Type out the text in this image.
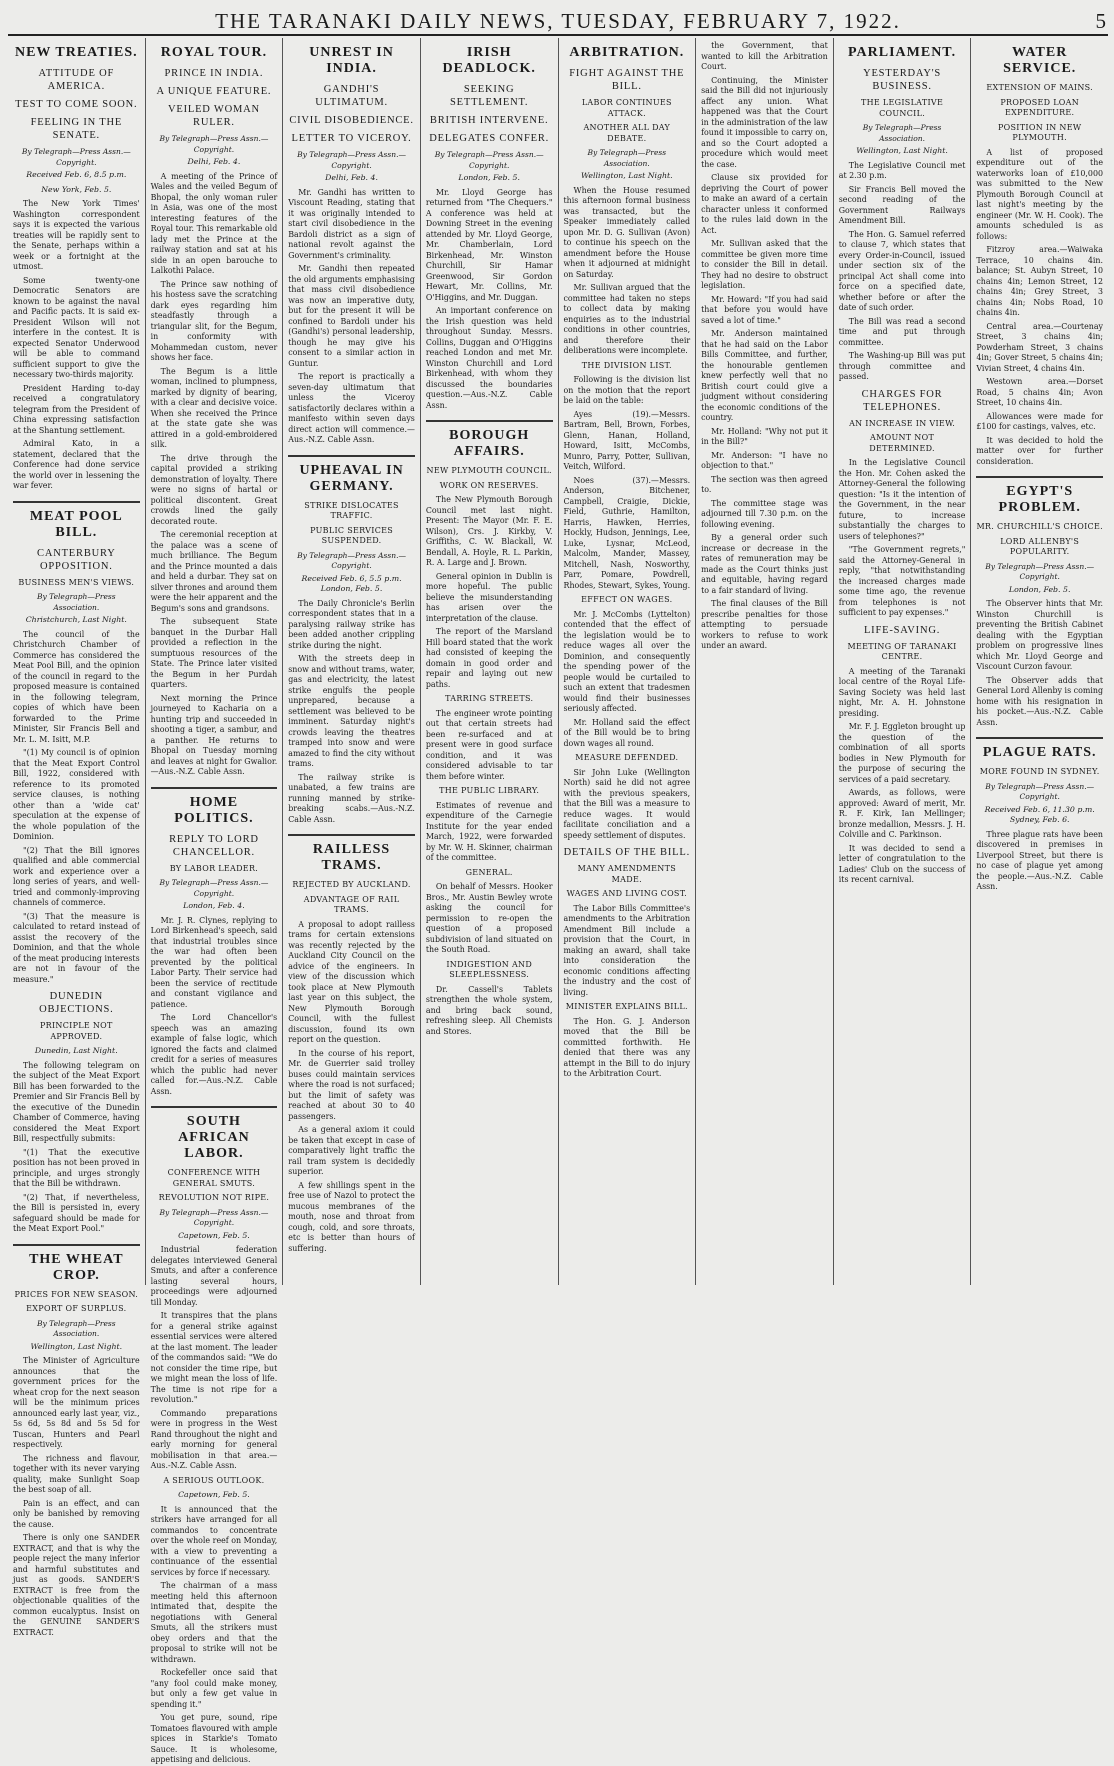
THE TARANAKI DAILY NEWS, TUESDAY, FEBRUARY 7, 1922.	5
NEW TREATIES.
ATTITUDE OF AMERICA.
TEST TO COME SOON.
FEELING IN THE SENATE.
By Telegraph—Press Assn.—Copyright.
Received Feb. 6, 8.5 p.m.
New York, Feb. 5.

The New York Times' Washington correspondent says it is expected the various treaties will be rapidly sent to the Senate, perhaps within a week or a fortnight at the utmost.

Some twenty-one Democratic Senators are known to be against the naval and Pacific pacts. It is said ex-President Wilson will not interfere in the contest. It is expected Senator Underwood will be able to command sufficient support to give the necessary two-thirds majority.

President Harding to-day received a congratulatory telegram from the President of China expressing satisfaction at the Shantung settlement.

Admiral Kato, in a statement, declared that the Conference had done service the world over in lessening the war fever.

MEAT POOL BILL.
CANTERBURY OPPOSITION.
BUSINESS MEN'S VIEWS.
By Telegraph—Press Association.
Christchurch, Last Night.

The council of the Christchurch Chamber of Commerce has considered the Meat Pool Bill, and the opinion of the council in regard to the proposed measure is contained in the following telegram, copies of which have been forwarded to the Prime Minister, Sir Francis Bell and Mr. L. M. Isitt, M.P.

"(1) My council is of opinion that the Meat Export Control Bill, 1922, considered with reference to its promoted service clauses, is nothing other than a 'wide cat' speculation at the expense of the whole population of the Dominion.

"(2) That the Bill ignores qualified and able commercial work and experience over a long series of years, and well-tried and commonly-improving channels of commerce.

"(3) That the measure is calculated to retard instead of assist the recovery of the Dominion, and that the whole of the meat producing interests are not in favour of the measure."

DUNEDIN OBJECTIONS.
PRINCIPLE NOT APPROVED.
Dunedin, Last Night.

The following telegram on the subject of the Meat Export Bill has been forwarded to the Premier and Sir Francis Bell by the executive of the Dunedin Chamber of Commerce, having considered the Meat Export Bill, respectfully submits:

"(1) That the executive position has not been proved in principle, and urges strongly that the Bill be withdrawn.

"(2) That, if nevertheless, the Bill is persisted in, every safeguard should be made for the Meat Export Pool."

THE WHEAT CROP.
PRICES FOR NEW SEASON.
EXPORT OF SURPLUS.
By Telegraph—Press Association.
Wellington, Last Night.

The Minister of Agriculture announces that the government prices for the wheat crop for the next season will be the minimum prices announced early last year, viz., 5s 6d, 5s 8d and 5s 5d for Tuscan, Hunters and Pearl respectively.

The richness and flavour, together with its never varying quality, make Sunlight Soap the best soap of all.

Pain is an effect, and can only be banished by removing the cause.

There is only one SANDER EXTRACT, and that is why the people reject the many inferior and harmful substitutes and just as goods. SANDER'S EXTRACT is free from the objectionable qualities of the common eucalyptus. Insist on the GENUINE SANDER'S EXTRACT.

ROYAL TOUR.
PRINCE IN INDIA.
A UNIQUE FEATURE.
VEILED WOMAN RULER.
By Telegraph—Press Assn.—Copyright.
Delhi, Feb. 4.

A meeting of the Prince of Wales and the veiled Begum of Bhopal, the only woman ruler in Asia, was one of the most interesting features of the Royal tour. This remarkable old lady met the Prince at the railway station and sat at his side in an open barouche to Lalkothi Palace.

The Prince saw nothing of his hostess save the scratching dark eyes regarding him steadfastly through a triangular slit, for the Begum, in conformity with Mohammedan custom, never shows her face.

The Begum is a little woman, inclined to plumpness, marked by dignity of bearing, with a clear and decisive voice. When she received the Prince at the state gate she was attired in a gold-embroidered silk.

The drive through the capital provided a striking demonstration of loyalty. There were no signs of hartal or political discontent. Great crowds lined the gaily decorated route.

The ceremonial reception at the palace was a scene of much brilliance. The Begum and the Prince mounted a dais and held a durbar. They sat on silver thrones and around them were the heir apparent and the Begum's sons and grandsons.

The subsequent State banquet in the Durbar Hall provided a reflection in the sumptuous resources of the State. The Prince later visited the Begum in her Purdah quarters.

Next morning the Prince journeyed to Kacharia on a hunting trip and succeeded in shooting a tiger, a sambur, and a panther. He returns to Bhopal on Tuesday morning and leaves at night for Gwalior.—Aus.-N.Z. Cable Assn.

HOME POLITICS.
REPLY TO LORD CHANCELLOR.
BY LABOR LEADER.
By Telegraph—Press Assn.—Copyright.
London, Feb. 4.

Mr. J. R. Clynes, replying to Lord Birkenhead's speech, said that industrial troubles since the war had often been prevented by the political Labor Party. Their service had been the service of rectitude and constant vigilance and patience.

The Lord Chancellor's speech was an amazing example of false logic, which ignored the facts and claimed credit for a series of measures which the public had never called for.—Aus.-N.Z. Cable Assn.

SOUTH AFRICAN LABOR.
CONFERENCE WITH GENERAL SMUTS.
REVOLUTION NOT RIPE.
By Telegraph—Press Assn.—Copyright.
Capetown, Feb. 5.

Industrial federation delegates interviewed General Smuts, and after a conference lasting several hours, proceedings were adjourned till Monday.

It transpires that the plans for a general strike against essential services were altered at the last moment. The leader of the commandos said: "We do not consider the time ripe, but we might mean the loss of life. The time is not ripe for a revolution."

Commando preparations were in progress in the West Rand throughout the night and early morning for general mobilisation in that area.—Aus.-N.Z. Cable Assn.

A SERIOUS OUTLOOK.
Capetown, Feb. 5.

It is announced that the strikers have arranged for all commandos to concentrate over the whole reef on Monday, with a view to preventing a continuance of the essential services by force if necessary.

The chairman of a mass meeting held this afternoon intimated that, despite the negotiations with General Smuts, all the strikers must obey orders and that the proposal to strike will not be withdrawn.

Rockefeller once said that "any fool could make money, but only a few get value in spending it."

You get pure, sound, ripe Tomatoes flavoured with ample spices in Starkie's Tomato Sauce. It is wholesome, appetising and delicious.

UNREST IN INDIA.
GANDHI'S ULTIMATUM.
CIVIL DISOBEDIENCE.
LETTER TO VICEROY.
By Telegraph—Press Assn.—Copyright.
Delhi, Feb. 4.

Mr. Gandhi has written to Viscount Reading, stating that it was originally intended to start civil disobedience in the Bardoli district as a sign of national revolt against the Government's criminality.

Mr. Gandhi then repeated the old arguments emphasising that mass civil disobedience was now an imperative duty, but for the present it will be confined to Bardoli under his (Gandhi's) personal leadership, though he may give his consent to a similar action in Guntur.

The report is practically a seven-day ultimatum that unless the Viceroy satisfactorily declares within a manifesto within seven days direct action will commence.—Aus.-N.Z. Cable Assn.

UPHEAVAL IN GERMANY.
STRIKE DISLOCATES TRAFFIC.
PUBLIC SERVICES SUSPENDED.
By Telegraph—Press Assn.—Copyright.
Received Feb. 6, 5.5 p.m. London, Feb. 5.

The Daily Chronicle's Berlin correspondent states that in a paralysing railway strike has been added another crippling strike during the night.

With the streets deep in snow and without trams, water, gas and electricity, the latest strike engulfs the people unprepared, because a settlement was believed to be imminent. Saturday night's crowds leaving the theatres tramped into snow and were amazed to find the city without trams.

The railway strike is unabated, a few trains are running manned by strike-breaking scabs.—Aus.-N.Z. Cable Assn.

RAILLESS TRAMS.
REJECTED BY AUCKLAND.
ADVANTAGE OF RAIL TRAMS.

A proposal to adopt railless trams for certain extensions was recently rejected by the Auckland City Council on the advice of the engineers. In view of the discussion which took place at New Plymouth last year on this subject, the New Plymouth Borough Council, with the fullest discussion, found its own report on the question.

In the course of his report, Mr. de Guerrier said trolley buses could maintain services where the road is not surfaced; but the limit of safety was reached at about 30 to 40 passengers.

As a general axiom it could be taken that except in case of comparatively light traffic the rail tram system is decidedly superior.

A few shillings spent in the free use of Nazol to protect the mucous membranes of the mouth, nose and throat from cough, cold, and sore throats, etc is better than hours of suffering.

IRISH DEADLOCK.
SEEKING SETTLEMENT.
BRITISH INTERVENE.
DELEGATES CONFER.
By Telegraph—Press Assn.—Copyright.
London, Feb. 5.

Mr. Lloyd George has returned from "The Chequers." A conference was held at Downing Street in the evening attended by Mr. Lloyd George, Mr. Chamberlain, Lord Birkenhead, Mr. Winston Churchill, Sir Hamar Greenwood, Sir Gordon Hewart, Mr. Collins, Mr. O'Higgins, and Mr. Duggan.

An important conference on the Irish question was held throughout Sunday. Messrs. Collins, Duggan and O'Higgins reached London and met Mr. Winston Churchill and Lord Birkenhead, with whom they discussed the boundaries question.—Aus.-N.Z. Cable Assn.

BOROUGH AFFAIRS.
NEW PLYMOUTH COUNCIL.
WORK ON RESERVES.

The New Plymouth Borough Council met last night. Present: The Mayor (Mr. F. E. Wilson), Crs. J. Kirkby, V. Griffiths, C. W. Blackall, W. Bendall, A. Hoyle, R. L. Parkin, R. A. Large and J. Brown.

General opinion in Dublin is more hopeful. The public believe the misunderstanding has arisen over the interpretation of the clause.

The report of the Marsland Hill board stated that the work had consisted of keeping the domain in good order and repair and laying out new paths.

TARRING STREETS.

The engineer wrote pointing out that certain streets had been re-surfaced and at present were in good surface condition, and it was considered advisable to tar them before winter.

THE PUBLIC LIBRARY.

Estimates of revenue and expenditure of the Carnegie Institute for the year ended March, 1922, were forwarded by Mr. W. H. Skinner, chairman of the committee.

GENERAL.

On behalf of Messrs. Hooker Bros., Mr. Austin Bewley wrote asking the council for permission to re-open the question of a proposed subdivision of land situated on the South Road.

INDIGESTION AND SLEEPLESSNESS.

Dr. Cassell's Tablets strengthen the whole system, and bring back sound, refreshing sleep. All Chemists and Stores.

ARBITRATION.
FIGHT AGAINST THE BILL.
LABOR CONTINUES ATTACK.
ANOTHER ALL DAY DEBATE.
By Telegraph—Press Association.
Wellington, Last Night.

When the House resumed this afternoon formal business was transacted, but the Speaker immediately called upon Mr. D. G. Sullivan (Avon) to continue his speech on the amendment before the House when it adjourned at midnight on Saturday.

Mr. Sullivan argued that the committee had taken no steps to collect data by making enquiries as to the industrial conditions in other countries, and therefore their deliberations were incomplete.

THE DIVISION LIST.

Following is the division list on the motion that the report be laid on the table:

Ayes (19).—Messrs. Bartram, Bell, Brown, Forbes, Glenn, Hanan, Holland, Howard, Isitt, McCombs, Munro, Parry, Potter, Sullivan, Veitch, Wilford.

Noes (37).—Messrs. Anderson, Bitchener, Campbell, Craigie, Dickie, Field, Guthrie, Hamilton, Harris, Hawken, Herries, Hockly, Hudson, Jennings, Lee, Luke, Lysnar, McLeod, Malcolm, Mander, Massey, Mitchell, Nash, Nosworthy, Parr, Pomare, Powdrell, Rhodes, Stewart, Sykes, Young.

EFFECT ON WAGES.

Mr. J. McCombs (Lyttelton) contended that the effect of the legislation would be to reduce wages all over the Dominion, and consequently the spending power of the people would be curtailed to such an extent that tradesmen would find their businesses seriously affected.

Mr. Holland said the effect of the Bill would be to bring down wages all round.

MEASURE DEFENDED.

Sir John Luke (Wellington North) said he did not agree with the previous speakers, that the Bill was a measure to reduce wages. It would facilitate conciliation and a speedy settlement of disputes.

DETAILS OF THE BILL.
MANY AMENDMENTS MADE.
WAGES AND LIVING COST.

The Labor Bills Committee's amendments to the Arbitration Amendment Bill include a provision that the Court, in making an award, shall take into consideration the economic conditions affecting the industry and the cost of living.

MINISTER EXPLAINS BILL.

The Hon. G. J. Anderson moved that the Bill be committed forthwith. He denied that there was any attempt in the Bill to do injury to the Arbitration Court.

the Government, that wanted to kill the Arbitration Court.

Continuing, the Minister said the Bill did not injuriously affect any union. What happened was that the Court in the administration of the law found it impossible to carry on, and so the Court adopted a procedure which would meet the case.

Clause six provided for depriving the Court of power to make an award of a certain character unless it conformed to the rules laid down in the Act.

Mr. Sullivan asked that the committee be given more time to consider the Bill in detail. They had no desire to obstruct legislation.

Mr. Howard: "If you had said that before you would have saved a lot of time."

Mr. Anderson maintained that he had said on the Labor Bills Committee, and further, the honourable gentlemen knew perfectly well that no British court could give a judgment without considering the economic conditions of the country.

Mr. Holland: "Why not put it in the Bill?"

Mr. Anderson: "I have no objection to that."

The section was then agreed to.

The committee stage was adjourned till 7.30 p.m. on the following evening.

By a general order such increase or decrease in the rates of remuneration may be made as the Court thinks just and equitable, having regard to a fair standard of living.

The final clauses of the Bill prescribe penalties for those attempting to persuade workers to refuse to work under an award.

PARLIAMENT.
YESTERDAY'S BUSINESS.
THE LEGISLATIVE COUNCIL.
By Telegraph—Press Association.
Wellington, Last Night.

The Legislative Council met at 2.30 p.m.

Sir Francis Bell moved the second reading of the Government Railways Amendment Bill.

The Hon. G. Samuel referred to clause 7, which states that every Order-in-Council, issued under section six of the principal Act shall come into force on a specified date, whether before or after the date of such order.

The Bill was read a second time and put through committee.

The Washing-up Bill was put through committee and passed.

CHARGES FOR TELEPHONES.
AN INCREASE IN VIEW.
AMOUNT NOT DETERMINED.

In the Legislative Council the Hon. Mr. Cohen asked the Attorney-General the following question: "Is it the intention of the Government, in the near future, to increase substantially the charges to users of telephones?"

"The Government regrets," said the Attorney-General in reply, "that notwithstanding the increased charges made some time ago, the revenue from telephones is not sufficient to pay expenses."

LIFE-SAVING.
MEETING OF TARANAKI CENTRE.

A meeting of the Taranaki local centre of the Royal Life-Saving Society was held last night, Mr. A. H. Johnstone presiding.

Mr. F. J. Eggleton brought up the question of the combination of all sports bodies in New Plymouth for the purpose of securing the services of a paid secretary.

Awards, as follows, were approved: Award of merit, Mr. R. F. Kirk, Ian Mellinger; bronze medallion, Messrs. J. H. Colville and C. Parkinson.

It was decided to send a letter of congratulation to the Ladies' Club on the success of its recent carnival.

WATER SERVICE.
EXTENSION OF MAINS.
PROPOSED LOAN EXPENDITURE.
POSITION IN NEW PLYMOUTH.

A list of proposed expenditure out of the waterworks loan of £10,000 was submitted to the New Plymouth Borough Council at last night's meeting by the engineer (Mr. W. H. Cook). The amounts scheduled is as follows:

Fitzroy area.—Waiwaka Terrace, 10 chains 4in. balance; St. Aubyn Street, 10 chains 4in; Lemon Street, 12 chains 4in; Grey Street, 3 chains 4in; Nobs Road, 10 chains 4in.

Central area.—Courtenay Street, 3 chains 4in; Powderham Street, 3 chains 4in; Gover Street, 5 chains 4in; Vivian Street, 4 chains 4in.

Westown area.—Dorset Road, 5 chains 4in; Avon Street, 10 chains 4in.

Allowances were made for £100 for castings, valves, etc.

It was decided to hold the matter over for further consideration.

EGYPT'S PROBLEM.
MR. CHURCHILL'S CHOICE.
LORD ALLENBY'S POPULARITY.
By Telegraph—Press Assn.—Copyright.
London, Feb. 5.

The Observer hints that Mr. Winston Churchill is preventing the British Cabinet dealing with the Egyptian problem on progressive lines which Mr. Lloyd George and Viscount Curzon favour.

The Observer adds that General Lord Allenby is coming home with his resignation in his pocket.—Aus.-N.Z. Cable Assn.

PLAGUE RATS.
MORE FOUND IN SYDNEY.
By Telegraph—Press Assn.—Copyright.
Received Feb. 6, 11.30 p.m. Sydney, Feb. 6.

Three plague rats have been discovered in premises in Liverpool Street, but there is no case of plague yet among the people.—Aus.-N.Z. Cable Assn.
